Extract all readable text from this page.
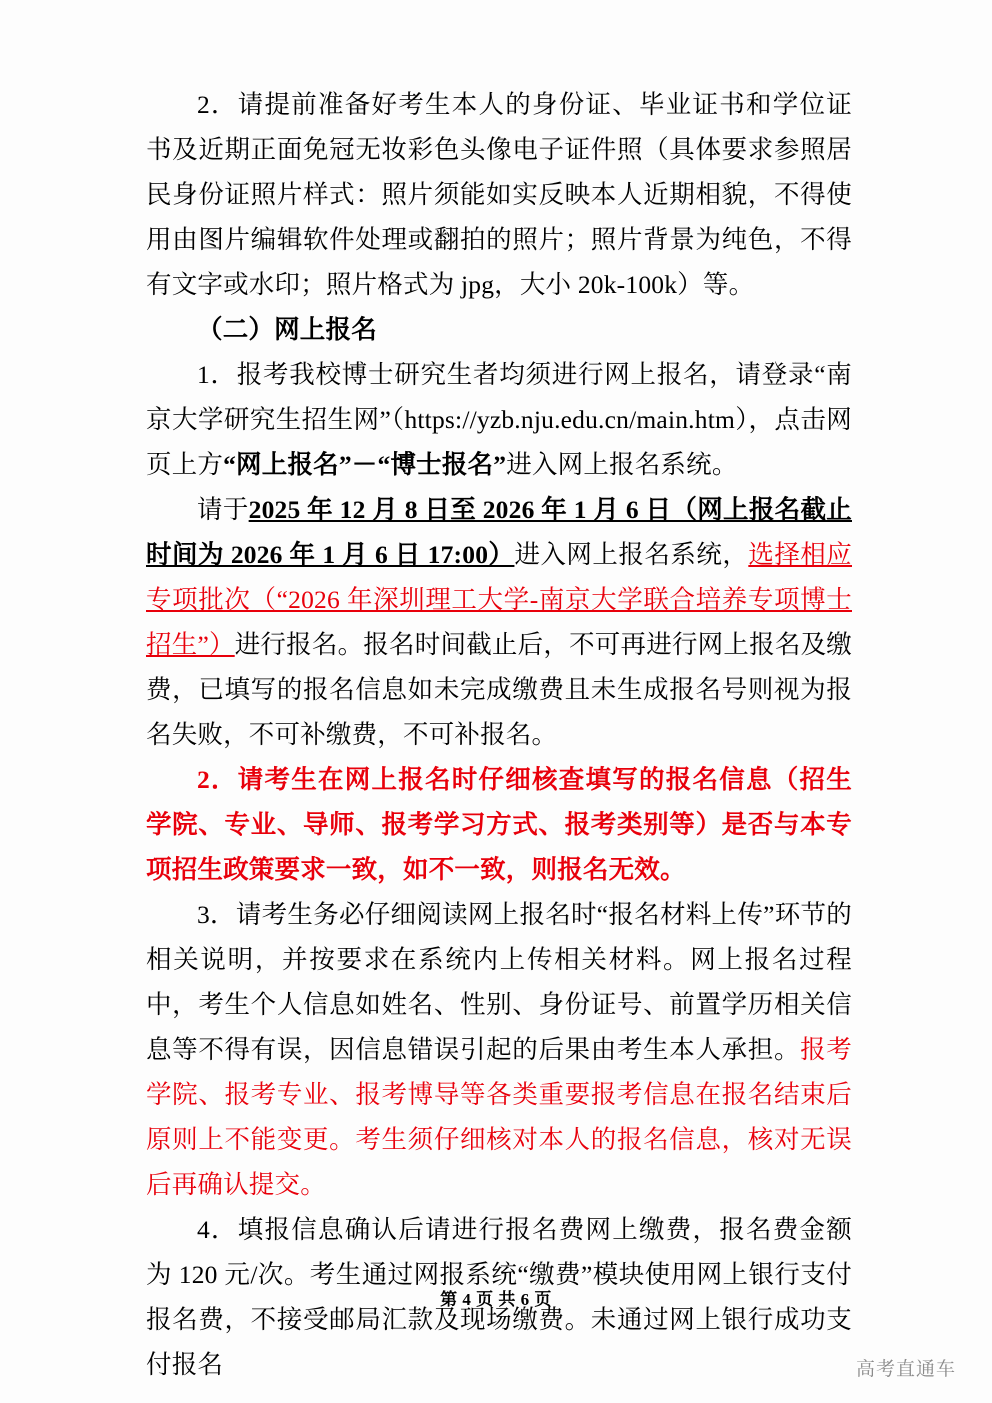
2．请提前准备好考生本人的身份证、毕业证书和学位证书及近期正面免冠无妆彩色头像电子证件照（具体要求参照居民身份证照片样式：照片须能如实反映本人近期相貌，不得使用由图片编辑软件处理或翻拍的照片；照片背景为纯色，不得有文字或水印；照片格式为 jpg，大小 20k-100k）等。

（二）网上报名

1．报考我校博士研究生者均须进行网上报名，请登录“南京大学研究生招生网”（https://yzb.nju.edu.cn/main.htm），点击网页上方“网上报名”－“博士报名”进入网上报名系统。

请于2025 年 12 月 8 日至 2026 年 1 月 6 日（网上报名截止时间为 2026 年 1 月 6 日 17:00）进入网上报名系统，选择相应专项批次（“2026 年深圳理工大学-南京大学联合培养专项博士招生”）进行报名。报名时间截止后，不可再进行网上报名及缴费，已填写的报名信息如未完成缴费且未生成报名号则视为报名失败，不可补缴费，不可补报名。

2．请考生在网上报名时仔细核查填写的报名信息（招生学院、专业、导师、报考学习方式、报考类别等）是否与本专项招生政策要求一致，如不一致，则报名无效。

3．请考生务必仔细阅读网上报名时“报名材料上传”环节的相关说明，并按要求在系统内上传相关材料。网上报名过程中，考生个人信息如姓名、性别、身份证号、前置学历相关信息等不得有误，因信息错误引起的后果由考生本人承担。报考学院、报考专业、报考博导等各类重要报考信息在报名结束后原则上不能变更。考生须仔细核对本人的报名信息，核对无误后再确认提交。

4．填报信息确认后请进行报名费网上缴费，报名费金额为 120 元/次。考生通过网报系统“缴费”模块使用网上银行支付报名费，不接受邮局汇款及现场缴费。未通过网上银行成功支付报名

第 4 页 共 6 页
高考直通车
